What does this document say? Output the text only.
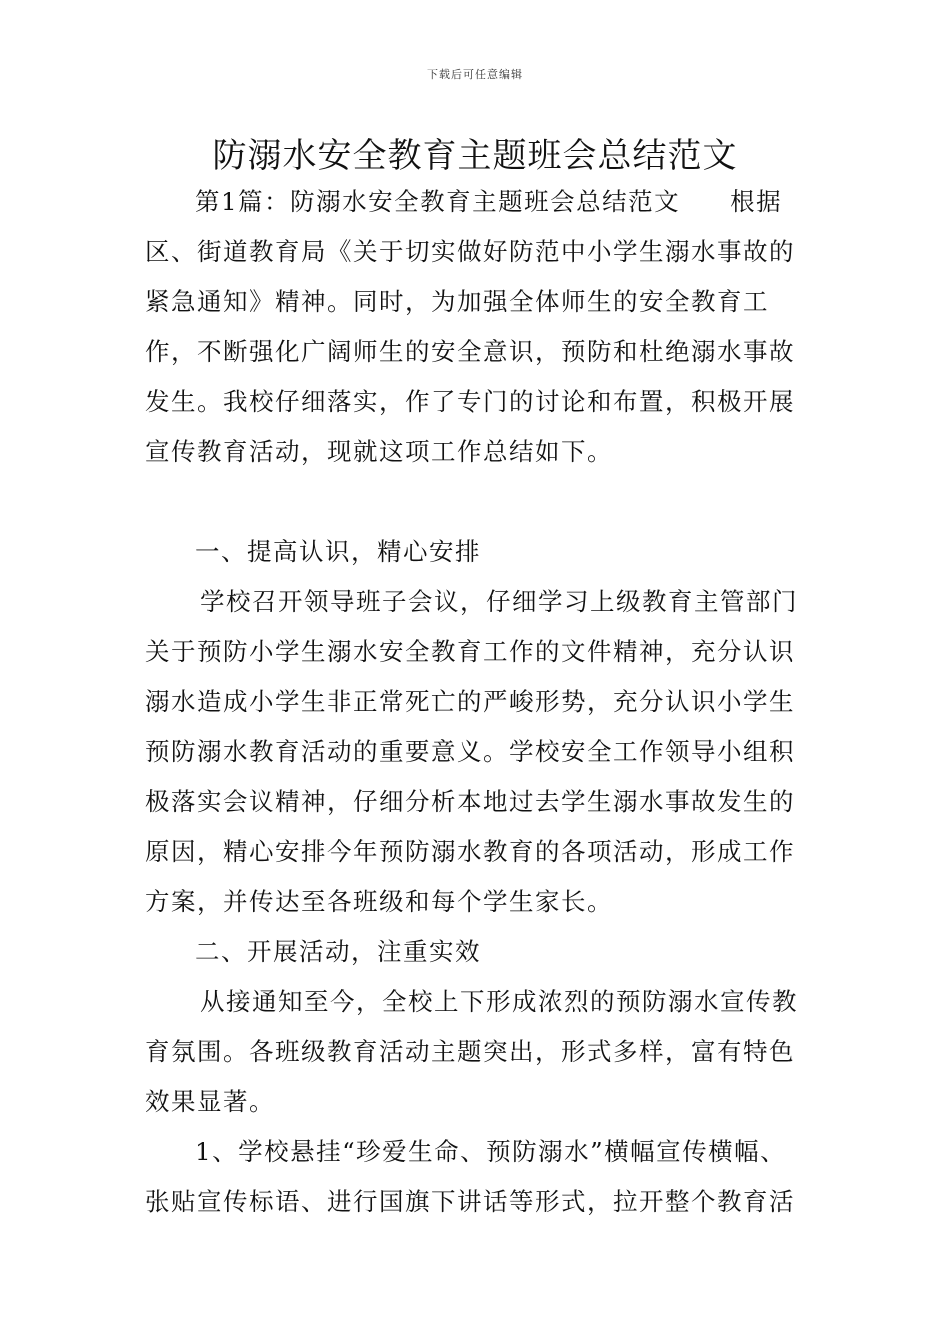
下载后可任意编辑
防溺水安全教育主题班会总结范文

第1篇：防溺水安全教育主题班会总结范文 根据区、街道教育局《关于切实做好防范中小学生溺水事故的紧急通知》精神。同时，为加强全体师生的安全教育工作，不断强化广阔师生的安全意识，预防和杜绝溺水事故发生。我校仔细落实，作了专门的讨论和布置，积极开展宣传教育活动，现就这项工作总结如下。

一、提高认识，精心安排

学校召开领导班子会议，仔细学习上级教育主管部门关于预防小学生溺水安全教育工作的文件精神，充分认识溺水造成小学生非正常死亡的严峻形势，充分认识小学生预防溺水教育活动的重要意义。学校安全工作领导小组积极落实会议精神，仔细分析本地过去学生溺水事故发生的原因，精心安排今年预防溺水教育的各项活动，形成工作方案，并传达至各班级和每个学生家长。

二、开展活动，注重实效

从接通知至今，全校上下形成浓烈的预防溺水宣传教育氛围。各班级教育活动主题突出，形式多样，富有特色效果显著。

1、学校悬挂“珍爱生命、预防溺水”横幅宣传横幅、张贴宣传标语、进行国旗下讲话等形式，拉开整个教育活
